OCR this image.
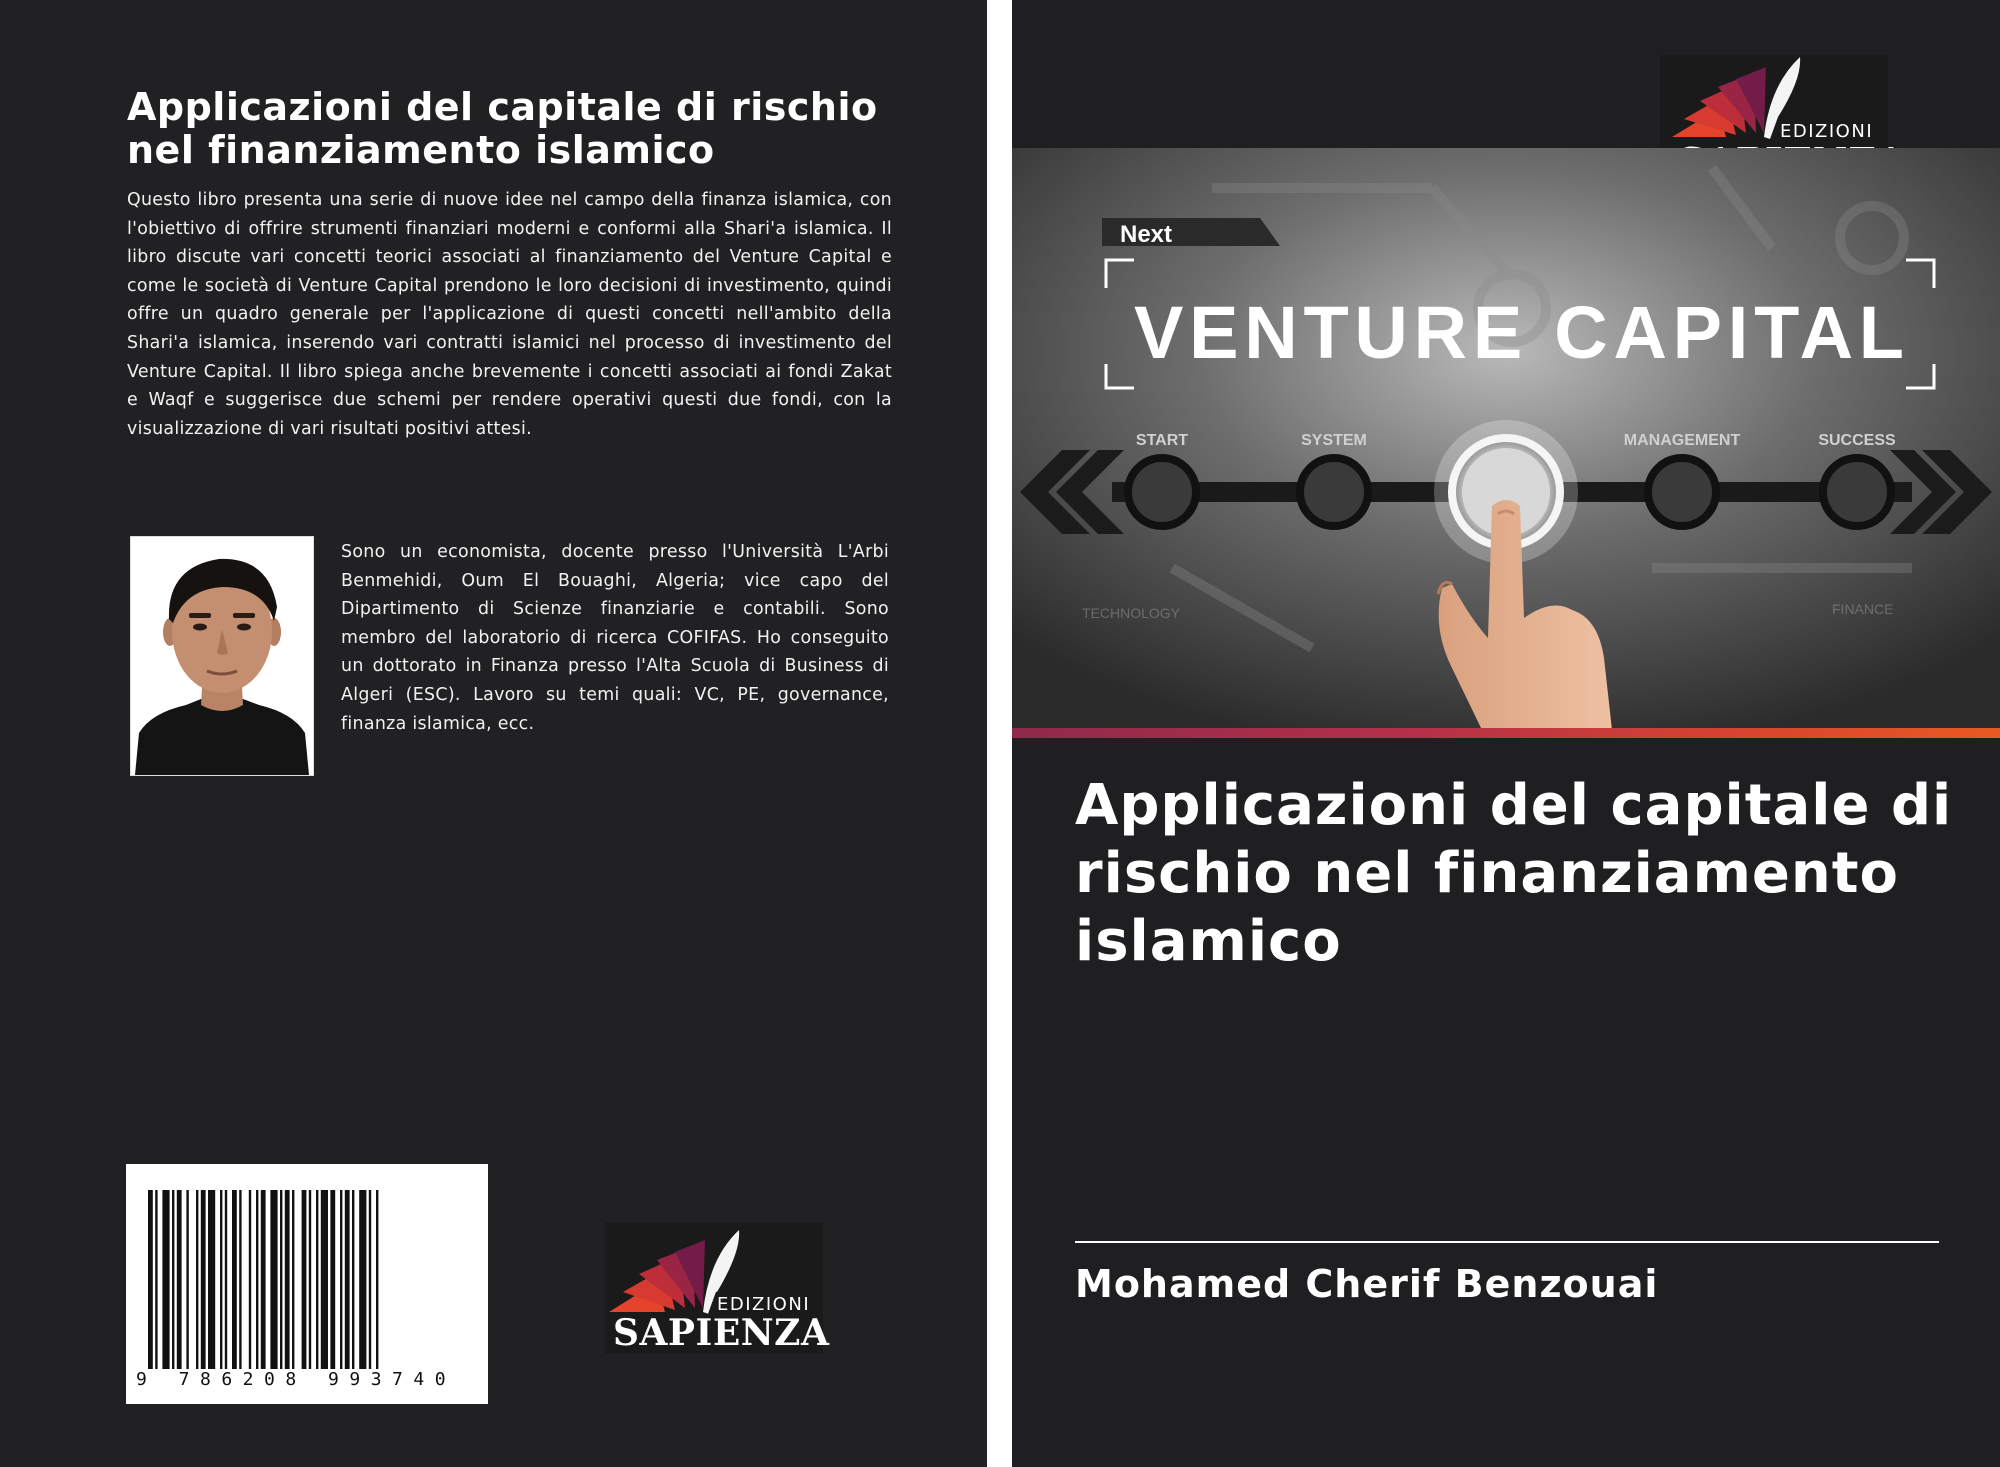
Applicazioni del capitale di rischio nel finanziamento islamico
Questo libro presenta una serie di nuove idee nel campo della finanza islamica, con l'obiettivo di offrire strumenti finanziari moderni e conformi alla Shari'a islamica. Il libro discute vari concetti teorici associati al finanziamento del Venture Capital e come le società di Venture Capital prendono le loro decisioni di investimento, quindi offre un quadro generale per l'applicazione di questi concetti nell'ambito della Shari'a islamica, inserendo vari contratti islamici nel processo di investimento del Venture Capital. Il libro spiega anche brevemente i concetti associati ai fondi Zakat e Waqf e suggerisce due schemi per rendere operativi questi due fondi, con la visualizzazione di vari risultati positivi attesi.
Sono un economista, docente presso l'Università L'Arbi Benmehidi, Oum El Bouaghi, Algeria; vice capo del Dipartimento di Scienze finanziarie e contabili. Sono membro del laboratorio di ricerca COFIFAS. Ho conseguito un dottorato in Finanza presso l'Alta Scuola di Business di Algeri (ESC). Lavoro su temi quali: VC, PE, governance, finanza islamica, ecc.
9 786208 993740
EDIZIONI
SAPIENZA
EDIZIONI
Next
VENTURE CAPITAL
START	SYSTEM	MANAGEMENT	SUCCESS
TECHNOLOGY	FINANCE
Applicazioni del capitale di rischio nel finanziamento islamico
Mohamed Cherif Benzouai
